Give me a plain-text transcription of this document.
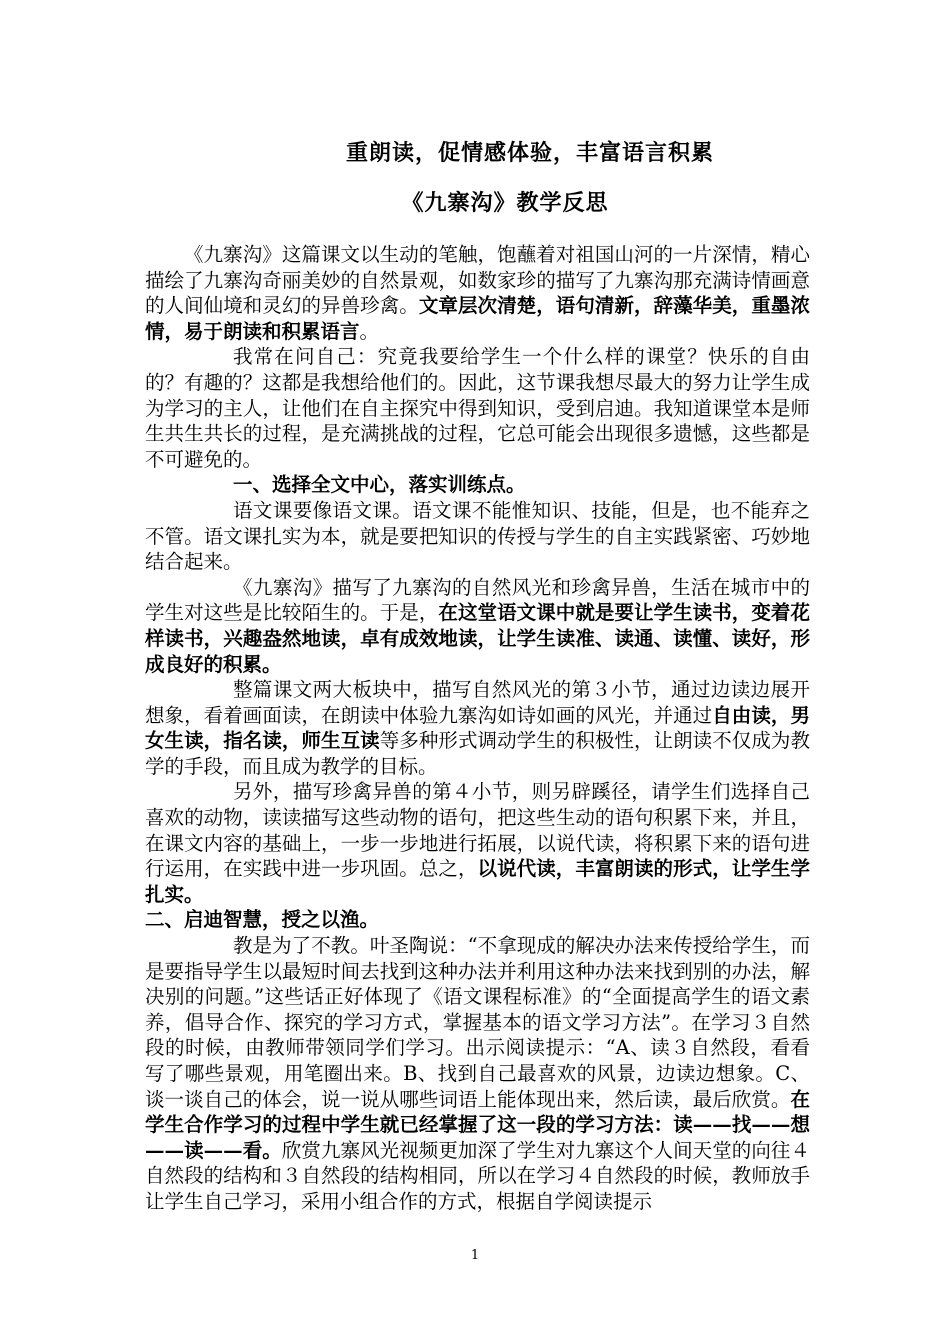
重朗读，促情感体验，丰富语言积累
《九寨沟》教学反思

《九寨沟》这篇课文以生动的笔触，饱蘸着对祖国山河的一片深情，精心描绘了九寨沟奇丽美妙的自然景观，如数家珍的描写了九寨沟那充满诗情画意的人间仙境和灵幻的异兽珍禽。文章层次清楚，语句清新，辞藻华美，重墨浓情，易于朗读和积累语言。

我常在问自己：究竟我要给学生一个什么样的课堂？快乐的自由的？有趣的？这都是我想给他们的。因此，这节课我想尽最大的努力让学生成为学习的主人，让他们在自主探究中得到知识，受到启迪。我知道课堂本是师生共生共长的过程，是充满挑战的过程，它总可能会出现很多遗憾，这些都是不可避免的。

一、选择全文中心，落实训练点。

语文课要像语文课。语文课不能惟知识、技能，但是，也不能弃之不管。语文课扎实为本，就是要把知识的传授与学生的自主实践紧密、巧妙地结合起来。

《九寨沟》描写了九寨沟的自然风光和珍禽异兽，生活在城市中的学生对这些是比较陌生的。于是，在这堂语文课中就是要让学生读书，变着花样读书，兴趣盎然地读，卓有成效地读，让学生读准、读通、读懂、读好，形成良好的积累。

整篇课文两大板块中，描写自然风光的第３小节，通过边读边展开想象，看着画面读，在朗读中体验九寨沟如诗如画的风光，并通过自由读，男女生读，指名读，师生互读等多种形式调动学生的积极性，让朗读不仅成为教学的手段，而且成为教学的目标。

另外，描写珍禽异兽的第４小节，则另辟蹊径，请学生们选择自己喜欢的动物，读读描写这些动物的语句，把这些生动的语句积累下来，并且，在课文内容的基础上，一步一步地进行拓展，以说代读，将积累下来的语句进行运用，在实践中进一步巩固。总之，以说代读，丰富朗读的形式，让学生学扎实。

二、启迪智慧，授之以渔。

教是为了不教。叶圣陶说：“不拿现成的解决办法来传授给学生，而是要指导学生以最短时间去找到这种办法并利用这种办法来找到别的办法，解决别的问题。”这些话正好体现了《语文课程标准》的“全面提高学生的语文素养，倡导合作、探究的学习方式，掌握基本的语文学习方法”。在学习３自然段的时候，由教师带领同学们学习。出示阅读提示：“A、读３自然段，看看写了哪些景观，用笔圈出来。B、找到自己最喜欢的风景，边读边想象。C、谈一谈自己的体会，说一说从哪些词语上能体现出来，然后读，最后欣赏。在学生合作学习的过程中学生就已经掌握了这一段的学习方法：读——找——想——读——看。欣赏九寨风光视频更加深了学生对九寨这个人间天堂的向往４自然段的结构和３自然段的结构相同，所以在学习４自然段的时候，教师放手让学生自己学习，采用小组合作的方式，根据自学阅读提示

1
